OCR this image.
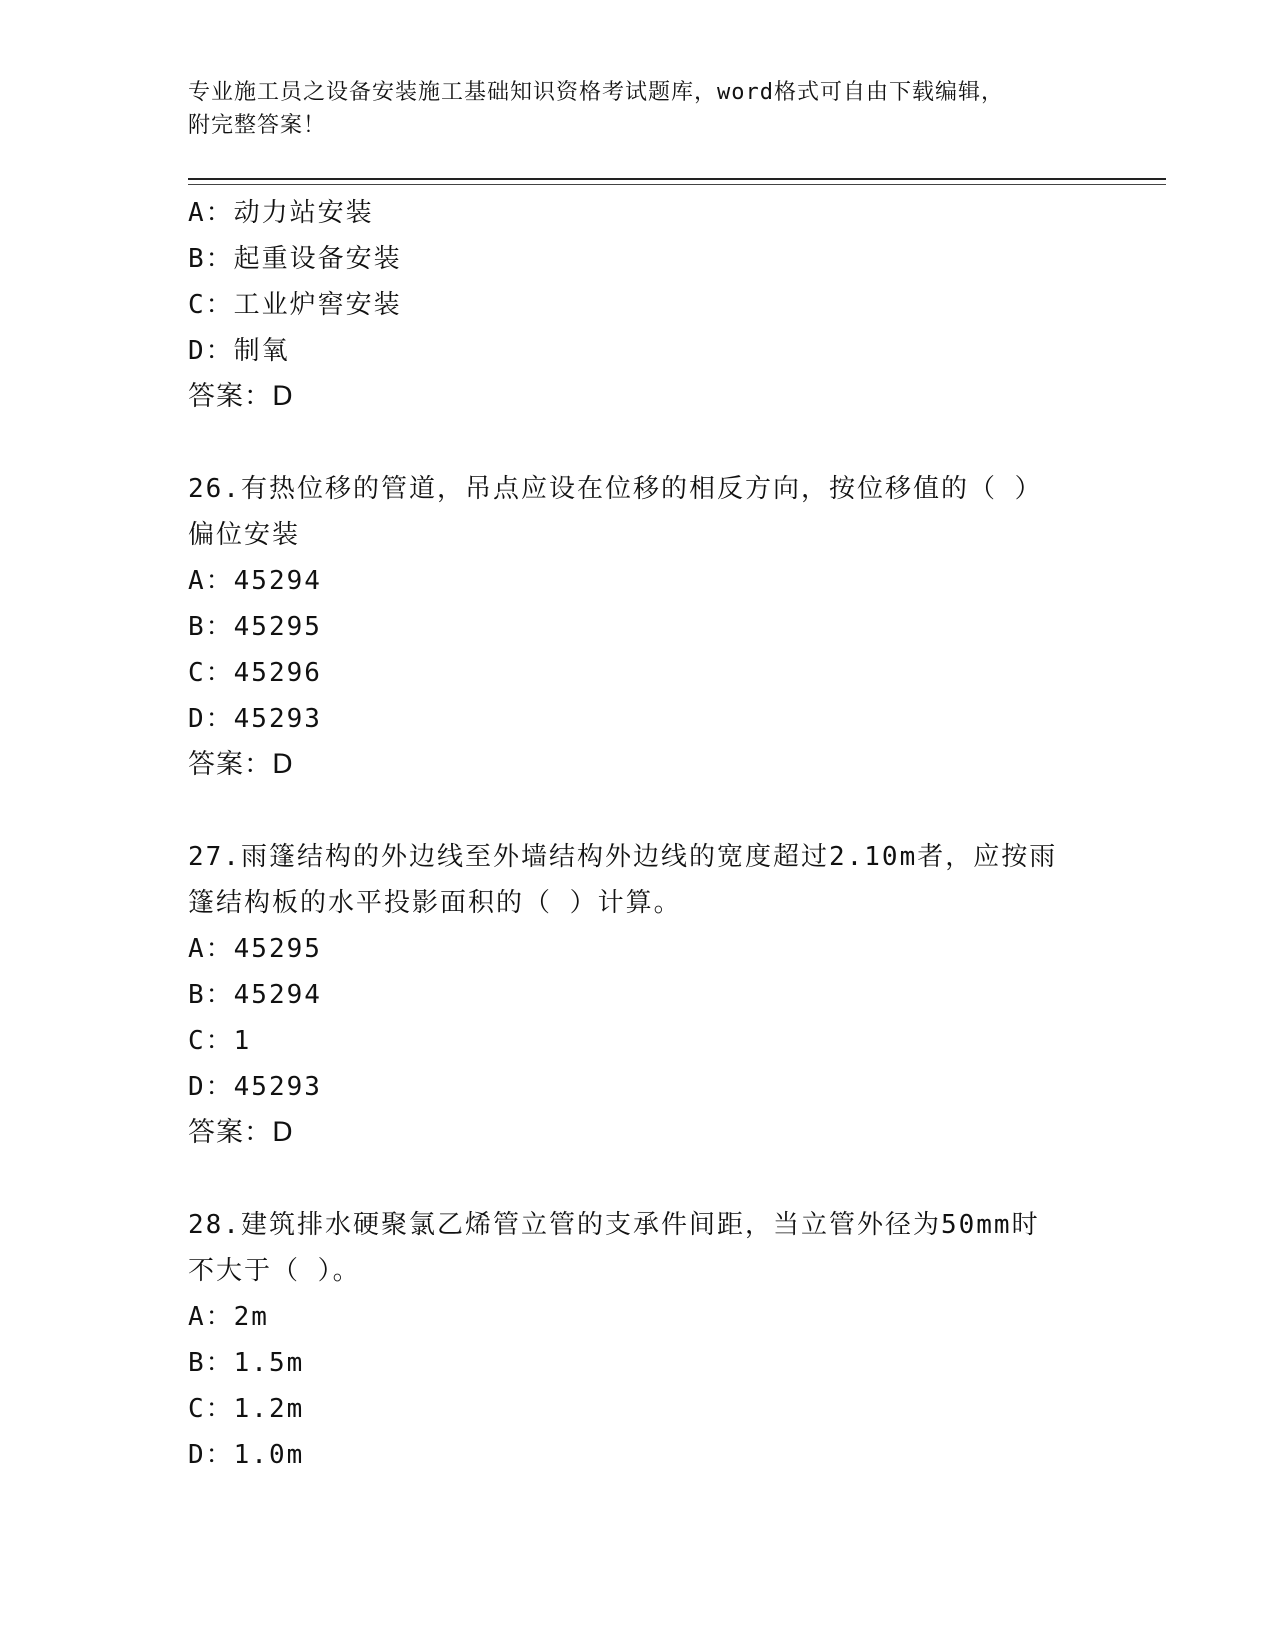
专业施工员之设备安装施工基础知识资格考试题库，word格式可自由下载编辑，
附完整答案！
A：动力站安装
B：起重设备安装
C：工业炉窖安装
D：制氧
答案：D
26.有热位移的管道，吊点应设在位移的相反方向，按位移值的（ ）
偏位安装
A：45294
B：45295
C：45296
D：45293
答案：D
27.雨篷结构的外边线至外墙结构外边线的宽度超过2.10m者，应按雨
篷结构板的水平投影面积的（ ）计算。
A：45295
B：45294
C：1
D：45293
答案：D
28.建筑排水硬聚氯乙烯管立管的支承件间距，当立管外径为50mm时
不大于（ ）。
A：2m
B：1.5m
C：1.2m
D：1.0m
